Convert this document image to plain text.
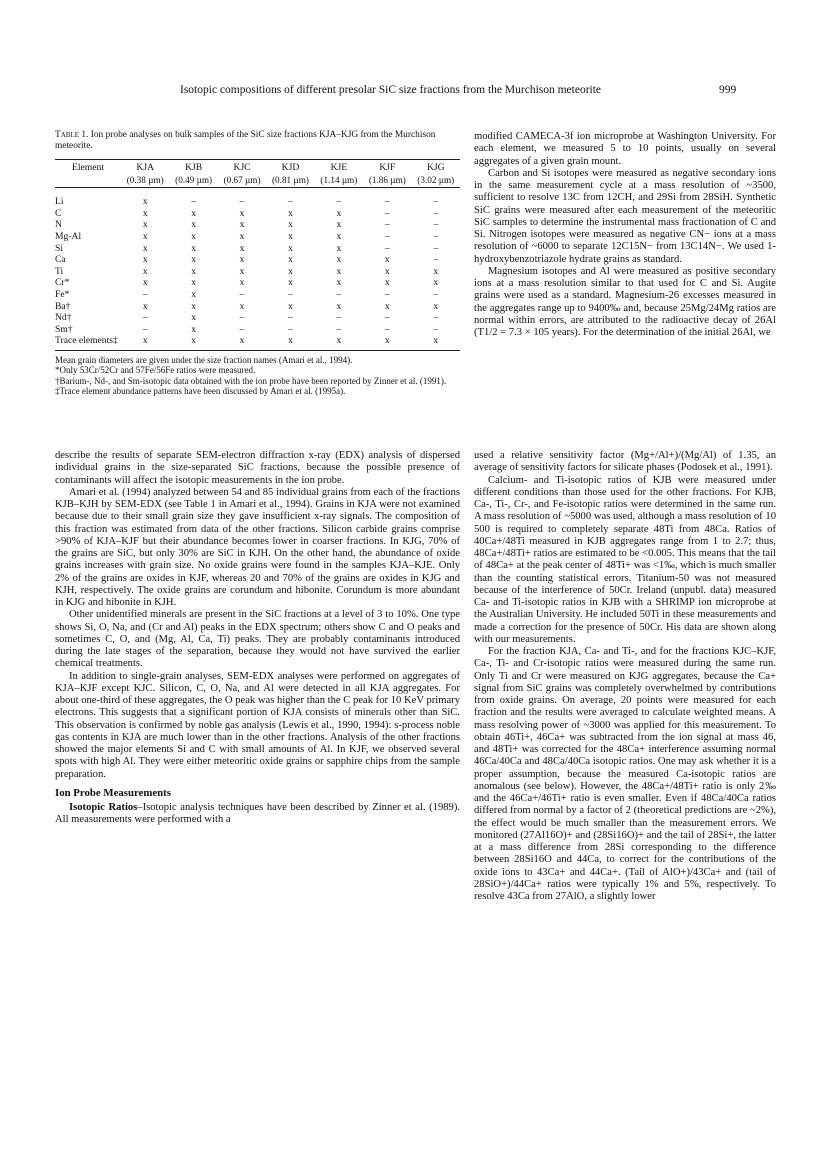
Isotopic compositions of different presolar SiC size fractions from the Murchison meteorite	999
Table 1. Ion probe analyses on bulk samples of the SiC size fractions KJA–KJG from the Murchison meteorite.
Element	KJA	KJB	KJC	KJD	KJE	KJF	KJG
	(0.38 µm)	(0.49 µm)	(0.67 µm)	(0.81 µm)	(1.14 µm)	(1.86 µm)	(3.02 µm)
Li	x	–	–	–	–	–	–
C	x	x	x	x	x	–	–
N	x	x	x	x	x	–	–
Mg-Al	x	x	x	x	x	–	–
Si	x	x	x	x	x	–	–
Ca	x	x	x	x	x	x	–
Ti	x	x	x	x	x	x	x
Cr*	x	x	x	x	x	x	x
Fe*	–	x	–	–	–	–	–
Ba†	x	x	x	x	x	x	x
Nd†	–	x	–	–	–	–	–
Sm†	–	x	–	–	–	–	–
Trace elements‡	x	x	x	x	x	x	x
Mean grain diameters are given under the size fraction names (Amari et al., 1994).
*Only 53Cr/52Cr and 57Fe/56Fe ratios were measured.
†Barium-, Nd-, and Sm-isotopic data obtained with the ion probe have been reported by Zinner et al. (1991).
‡Trace element abundance patterns have been discussed by Amari et al. (1995a).

describe the results of separate SEM-electron diffraction x-ray (EDX) analysis of dispersed individual grains in the size-separated SiC fractions, because the possible presence of contaminants will affect the isotopic measurements in the ion probe.

Amari et al. (1994) analyzed between 54 and 85 individual grains from each of the fractions KJB–KJH by SEM-EDX (see Table 1 in Amari et al., 1994). Grains in KJA were not examined because due to their small grain size they gave insufficient x-ray signals. The composition of this fraction was estimated from data of the other fractions. Silicon carbide grains comprise >90% of KJA–KJF but their abundance becomes lower in coarser fractions. In KJG, 70% of the grains are SiC, but only 30% are SiC in KJH. On the other hand, the abundance of oxide grains increases with grain size. No oxide grains were found in the samples KJA–KJE. Only 2% of the grains are oxides in KJF, whereas 20 and 70% of the grains are oxides in KJG and KJH, respectively. The oxide grains are corundum and hibonite. Corundum is more abundant in KJG and hibonite in KJH.

Other unidentified minerals are present in the SiC fractions at a level of 3 to 10%. One type shows Si, O, Na, and (Cr and Al) peaks in the EDX spectrum; others show C and O peaks and sometimes C, O, and (Mg, Al, Ca, Ti) peaks. They are probably contaminants introduced during the late stages of the separation, because they would not have survived the earlier chemical treatments.

In addition to single-grain analyses, SEM-EDX analyses were performed on aggregates of KJA–KJF except KJC. Silicon, C, O, Na, and Al were detected in all KJA aggregates. For about one-third of these aggregates, the O peak was higher than the C peak for 10 KeV primary electrons. This suggests that a significant portion of KJA consists of minerals other than SiC. This observation is confirmed by noble gas analysis (Lewis et al., 1990, 1994): s-process noble gas contents in KJA are much lower than in the other fractions. Analysis of the other fractions showed the major elements Si and C with small amounts of Al. In KJF, we observed several spots with high Al. They were either meteoritic oxide grains or sapphire chips from the sample preparation.

Ion Probe Measurements

Isotopic Ratios–Isotopic analysis techniques have been described by Zinner et al. (1989). All measurements were performed with a

modified CAMECA-3f ion microprobe at Washington University. For each element, we measured 5 to 10 points, usually on several aggregates of a given grain mount.

Carbon and Si isotopes were measured as negative secondary ions in the same measurement cycle at a mass resolution of ~3500, sufficient to resolve 13C from 12CH, and 29Si from 28SiH. Synthetic SiC grains were measured after each measurement of the meteoritic SiC samples to determine the instrumental mass fractionation of C and Si. Nitrogen isotopes were measured as negative CN− ions at a mass resolution of ~6000 to separate 12C15N− from 13C14N−. We used 1-hydroxybenzotriazole hydrate grains as standard.

Magnesium isotopes and Al were measured as positive secondary ions at a mass resolution similar to that used for C and Si. Augite grains were used as a standard. Magnesium-26 excesses measured in the aggregates range up to 9400‰ and, because 25Mg/24Mg ratios are normal within errors, are attributed to the radioactive decay of 26Al (T1/2 = 7.3 × 105 years). For the determination of the initial 26Al, we

used a relative sensitivity factor (Mg+/Al+)/(Mg/Al) of 1.35, an average of sensitivity factors for silicate phases (Podosek et al., 1991).

Calcium- and Ti-isotopic ratios of KJB were measured under different conditions than those used for the other fractions. For KJB, Ca-, Ti-, Cr-, and Fe-isotopic ratios were determined in the same run. A mass resolution of ~5000 was used, although a mass resolution of 10 500 is required to completely separate 48Ti from 48Ca. Ratios of 40Ca+/48Ti measured in KJB aggregates range from 1 to 2.7; thus, 48Ca+/48Ti+ ratios are estimated to be <0.005. This means that the tail of 48Ca+ at the peak center of 48Ti+ was <1‰, which is much smaller than the counting statistical errors. Titanium-50 was not measured because of the interference of 50Cr. Ireland (unpubl. data) measured Ca- and Ti-isotopic ratios in KJB with a SHRIMP ion microprobe at the Australian University. He included 50Ti in these measurements and made a correction for the presence of 50Cr. His data are shown along with our measurements.

For the fraction KJA, Ca- and Ti-, and for the fractions KJC–KJF, Ca-, Ti- and Cr-isotopic ratios were measured during the same run. Only Ti and Cr were measured on KJG aggregates, because the Ca+ signal from SiC grains was completely overwhelmed by contributions from oxide grains. On average, 20 points were measured for each fraction and the results were averaged to calculate weighted means. A mass resolving power of ~3000 was applied for this measurement. To obtain 46Ti+, 46Ca+ was subtracted from the ion signal at mass 46, and 48Ti+ was corrected for the 48Ca+ interference assuming normal 46Ca/40Ca and 48Ca/40Ca isotopic ratios. One may ask whether it is a proper assumption, because the measured Ca-isotopic ratios are anomalous (see below). However, the 48Ca+/48Ti+ ratio is only 2‰ and the 46Ca+/46Ti+ ratio is even smaller. Even if 48Ca/40Ca ratios differed from normal by a factor of 2 (theoretical predictions are ~2%), the effect would be much smaller than the measurement errors. We monitored (27Al16O)+ and (28Si16O)+ and the tail of 28Si+, the latter at a mass difference from 28Si corresponding to the difference between 28Si16O and 44Ca, to correct for the contributions of the oxide ions to 43Ca+ and 44Ca+. (Tail of AlO+)/43Ca+ and (tail of 28SiO+)/44Ca+ ratios were typically 1% and 5%, respectively. To resolve 43Ca from 27AlO, a slightly lower
